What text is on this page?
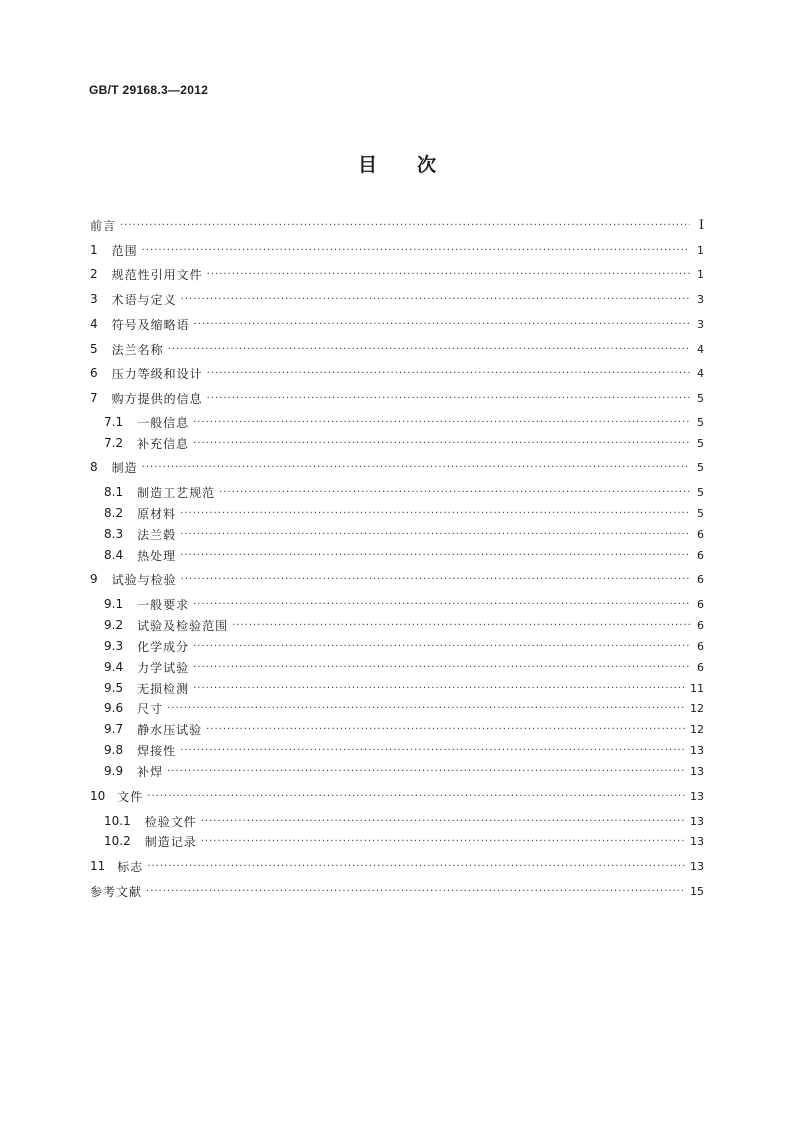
GB/T 29168.3—2012
目 次
前言 ·····	I
1 范围 ·····	1
2 规范性引用文件 ·····	1
3 术语与定义 ·····	3
4 符号及缩略语 ·····	3
5 法兰名称 ·····	4
6 压力等级和设计 ·····	4
7 购方提供的信息 ·····	5
7.1 一般信息 ·····	5
7.2 补充信息 ·····	5
8 制造 ·····	5
8.1 制造工艺规范 ·····	5
8.2 原材料 ·····	5
8.3 法兰毂 ·····	6
8.4 热处理 ·····	6
9 试验与检验 ·····	6
9.1 一般要求 ·····	6
9.2 试验及检验范围 ·····	6
9.3 化学成分 ·····	6
9.4 力学试验 ·····	6
9.5 无损检测 ·····	11
9.6 尺寸 ·····	12
9.7 静水压试验 ·····	12
9.8 焊接性 ·····	13
9.9 补焊 ·····	13
10 文件 ·····	13
10.1 检验文件 ·····	13
10.2 制造记录 ·····	13
11 标志 ·····	13
参考文献 ·····	15
